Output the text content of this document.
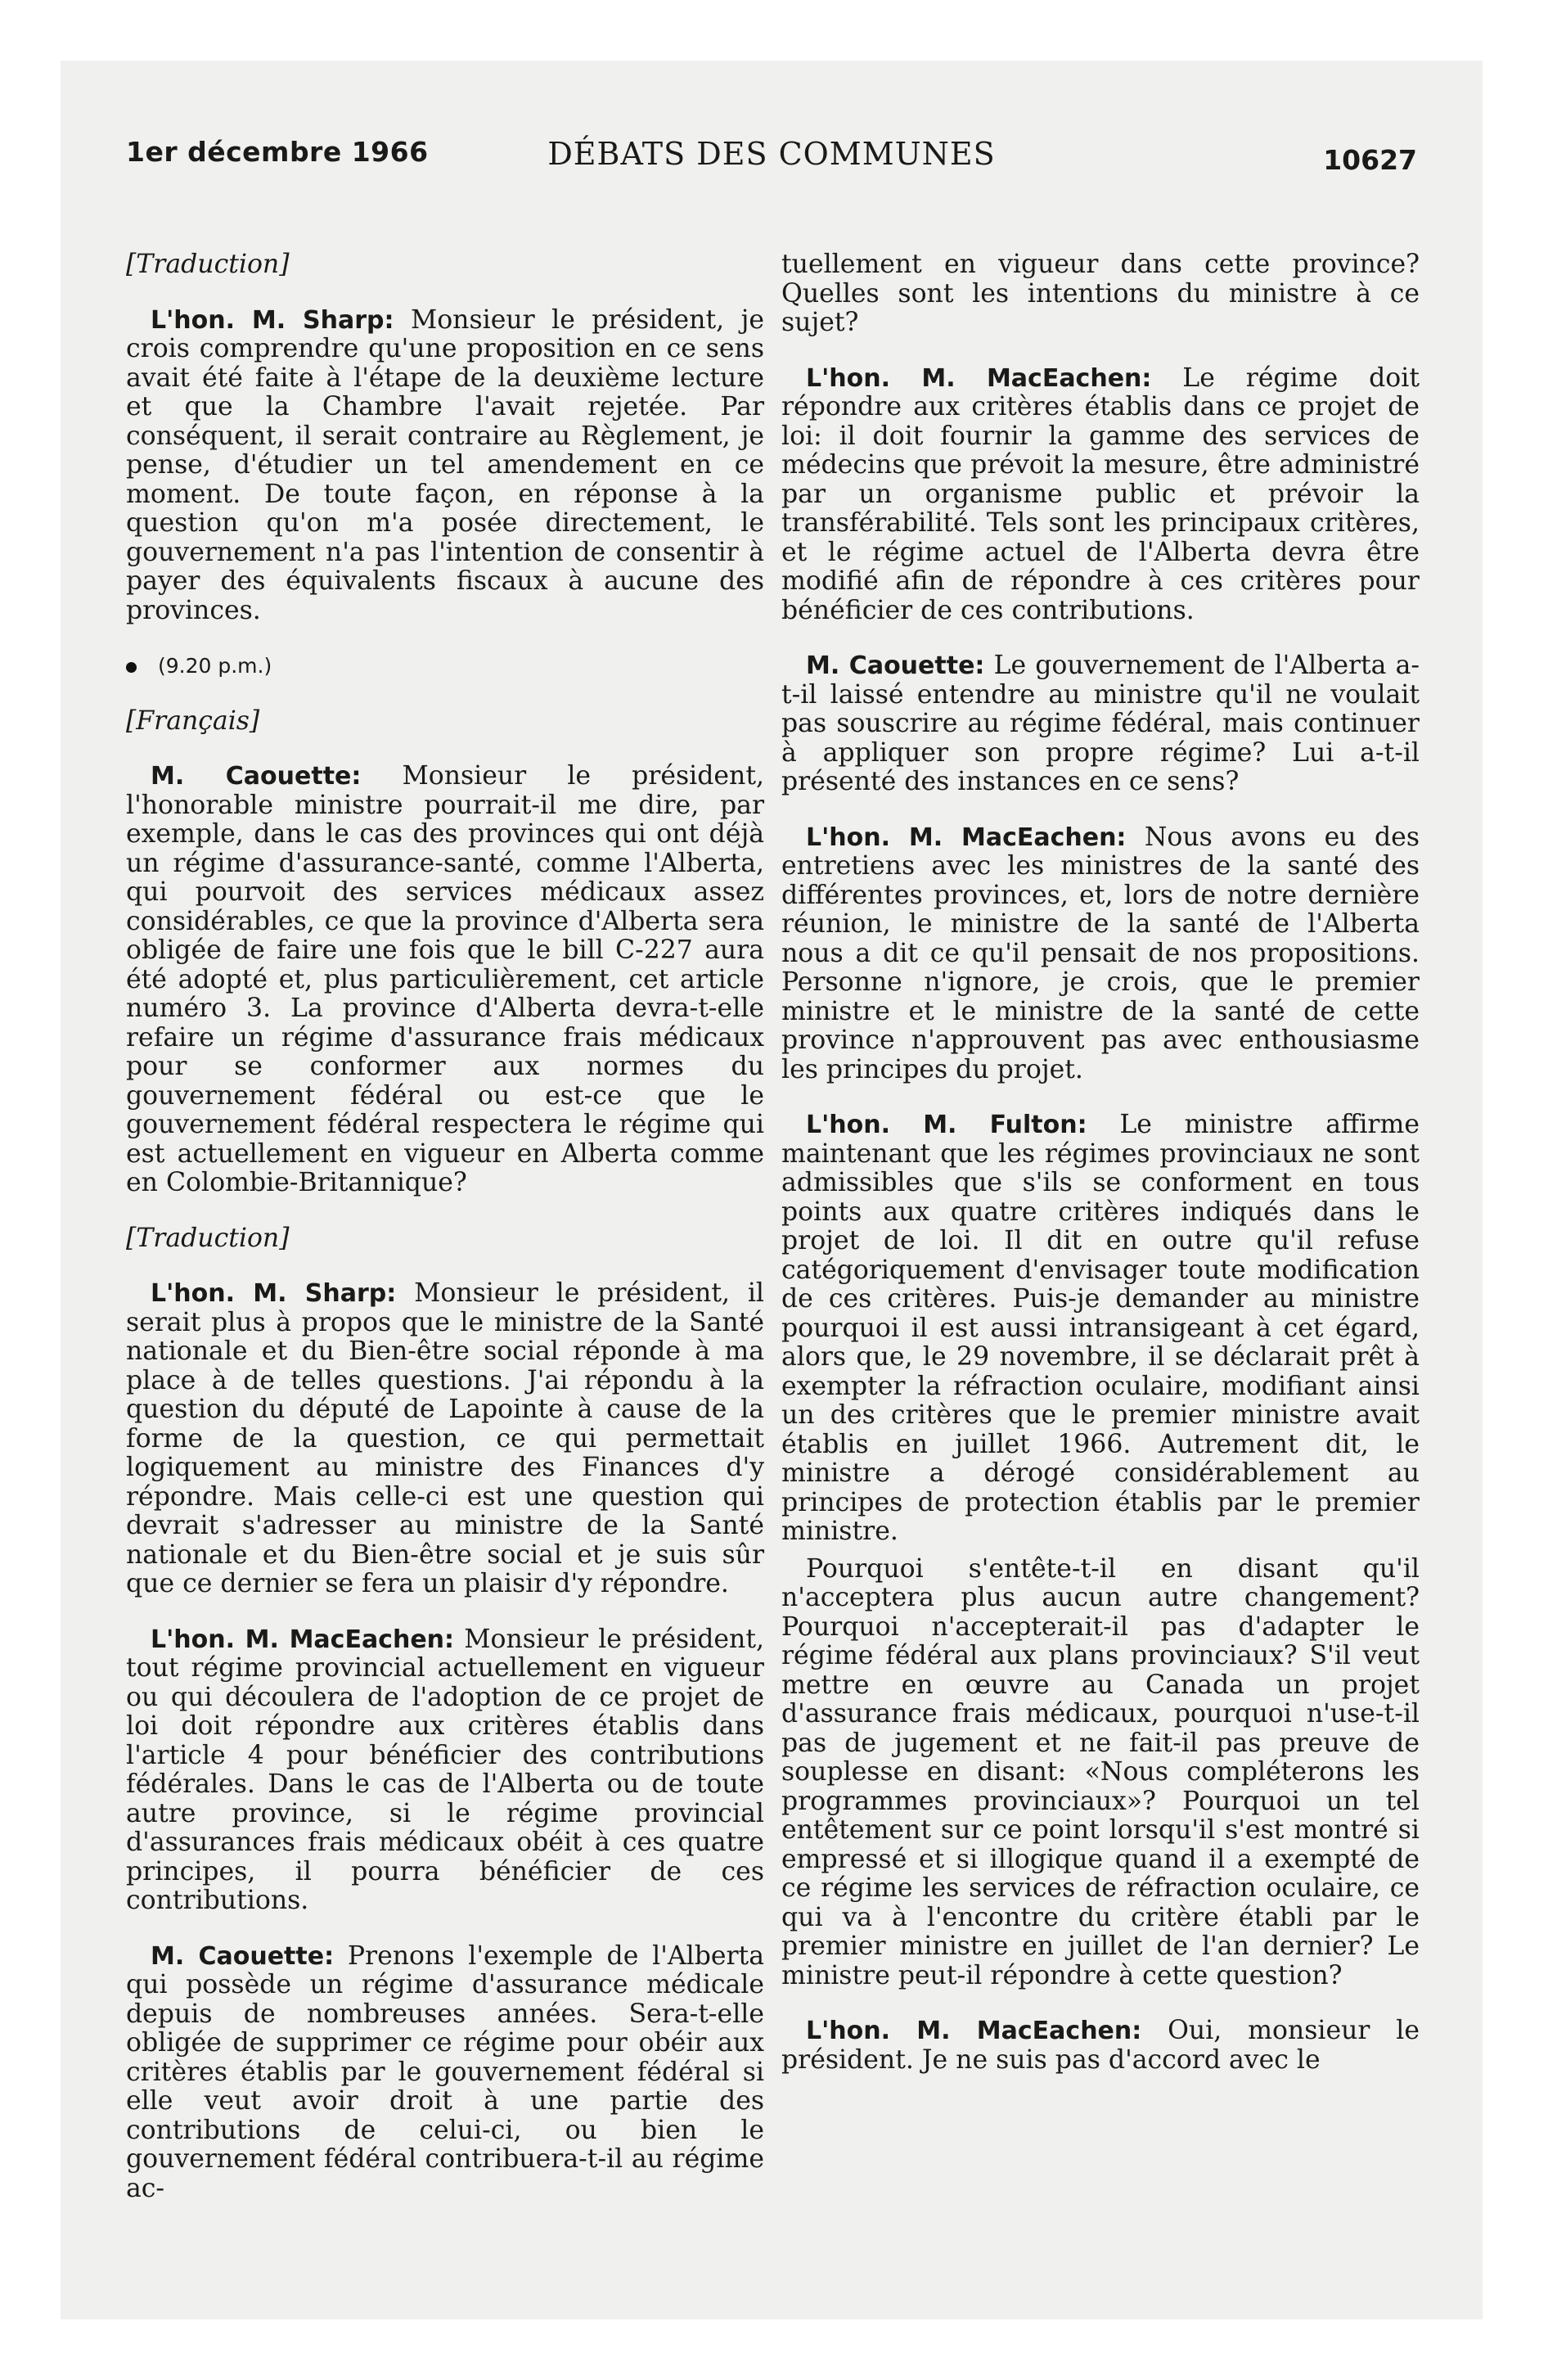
1er décembre 1966	DÉBATS DES COMMUNES	10627

[Traduction]

L'hon. M. Sharp: Monsieur le président, je crois comprendre qu'une proposition en ce sens avait été faite à l'étape de la deuxième lecture et que la Chambre l'avait rejetée. Par conséquent, il serait contraire au Règlement, je pense, d'étudier un tel amendement en ce moment. De toute façon, en réponse à la question qu'on m'a posée directement, le gouvernement n'a pas l'intention de consentir à payer des équivalents fiscaux à aucune des provinces.

(9.20 p.m.)

[Français]

M. Caouette: Monsieur le président, l'honorable ministre pourrait-il me dire, par exemple, dans le cas des provinces qui ont déjà un régime d'assurance-santé, comme l'Alberta, qui pourvoit des services médicaux assez considérables, ce que la province d'Alberta sera obligée de faire une fois que le bill C-227 aura été adopté et, plus particulièrement, cet article numéro 3. La province d'Alberta devra-t-elle refaire un régime d'assurance frais médicaux pour se conformer aux normes du gouvernement fédéral ou est-ce que le gouvernement fédéral respectera le régime qui est actuellement en vigueur en Alberta comme en Colombie-Britannique?

[Traduction]

L'hon. M. Sharp: Monsieur le président, il serait plus à propos que le ministre de la Santé nationale et du Bien-être social réponde à ma place à de telles questions. J'ai répondu à la question du député de Lapointe à cause de la forme de la question, ce qui permettait logiquement au ministre des Finances d'y répondre. Mais celle-ci est une question qui devrait s'adresser au ministre de la Santé nationale et du Bien-être social et je suis sûr que ce dernier se fera un plaisir d'y répondre.

L'hon. M. MacEachen: Monsieur le président, tout régime provincial actuellement en vigueur ou qui découlera de l'adoption de ce projet de loi doit répondre aux critères établis dans l'article 4 pour bénéficier des contributions fédérales. Dans le cas de l'Alberta ou de toute autre province, si le régime provincial d'assurances frais médicaux obéit à ces quatre principes, il pourra bénéficier de ces contributions.

M. Caouette: Prenons l'exemple de l'Alberta qui possède un régime d'assurance médicale depuis de nombreuses années. Sera-t-elle obligée de supprimer ce régime pour obéir aux critères établis par le gouvernement fédéral si elle veut avoir droit à une partie des contributions de celui-ci, ou bien le gouvernement fédéral contribuera-t-il au régime ac-

tuellement en vigueur dans cette province? Quelles sont les intentions du ministre à ce sujet?

L'hon. M. MacEachen: Le régime doit répondre aux critères établis dans ce projet de loi: il doit fournir la gamme des services de médecins que prévoit la mesure, être administré par un organisme public et prévoir la transférabilité. Tels sont les principaux critères, et le régime actuel de l'Alberta devra être modifié afin de répondre à ces critères pour bénéficier de ces contributions.

M. Caouette: Le gouvernement de l'Alberta a-t-il laissé entendre au ministre qu'il ne voulait pas souscrire au régime fédéral, mais continuer à appliquer son propre régime? Lui a-t-il présenté des instances en ce sens?

L'hon. M. MacEachen: Nous avons eu des entretiens avec les ministres de la santé des différentes provinces, et, lors de notre dernière réunion, le ministre de la santé de l'Alberta nous a dit ce qu'il pensait de nos propositions. Personne n'ignore, je crois, que le premier ministre et le ministre de la santé de cette province n'approuvent pas avec enthousiasme les principes du projet.

L'hon. M. Fulton: Le ministre affirme maintenant que les régimes provinciaux ne sont admissibles que s'ils se conforment en tous points aux quatre critères indiqués dans le projet de loi. Il dit en outre qu'il refuse catégoriquement d'envisager toute modification de ces critères. Puis-je demander au ministre pourquoi il est aussi intransigeant à cet égard, alors que, le 29 novembre, il se déclarait prêt à exempter la réfraction oculaire, modifiant ainsi un des critères que le premier ministre avait établis en juillet 1966. Autrement dit, le ministre a dérogé considérablement au principes de protection établis par le premier ministre.

Pourquoi s'entête-t-il en disant qu'il n'acceptera plus aucun autre changement? Pourquoi n'accepterait-il pas d'adapter le régime fédéral aux plans provinciaux? S'il veut mettre en œuvre au Canada un projet d'assurance frais médicaux, pourquoi n'use-t-il pas de jugement et ne fait-il pas preuve de souplesse en disant: «Nous compléterons les programmes provinciaux»? Pourquoi un tel entêtement sur ce point lorsqu'il s'est montré si empressé et si illogique quand il a exempté de ce régime les services de réfraction oculaire, ce qui va à l'encontre du critère établi par le premier ministre en juillet de l'an dernier? Le ministre peut-il répondre à cette question?

L'hon. M. MacEachen: Oui, monsieur le président. Je ne suis pas d'accord avec le
